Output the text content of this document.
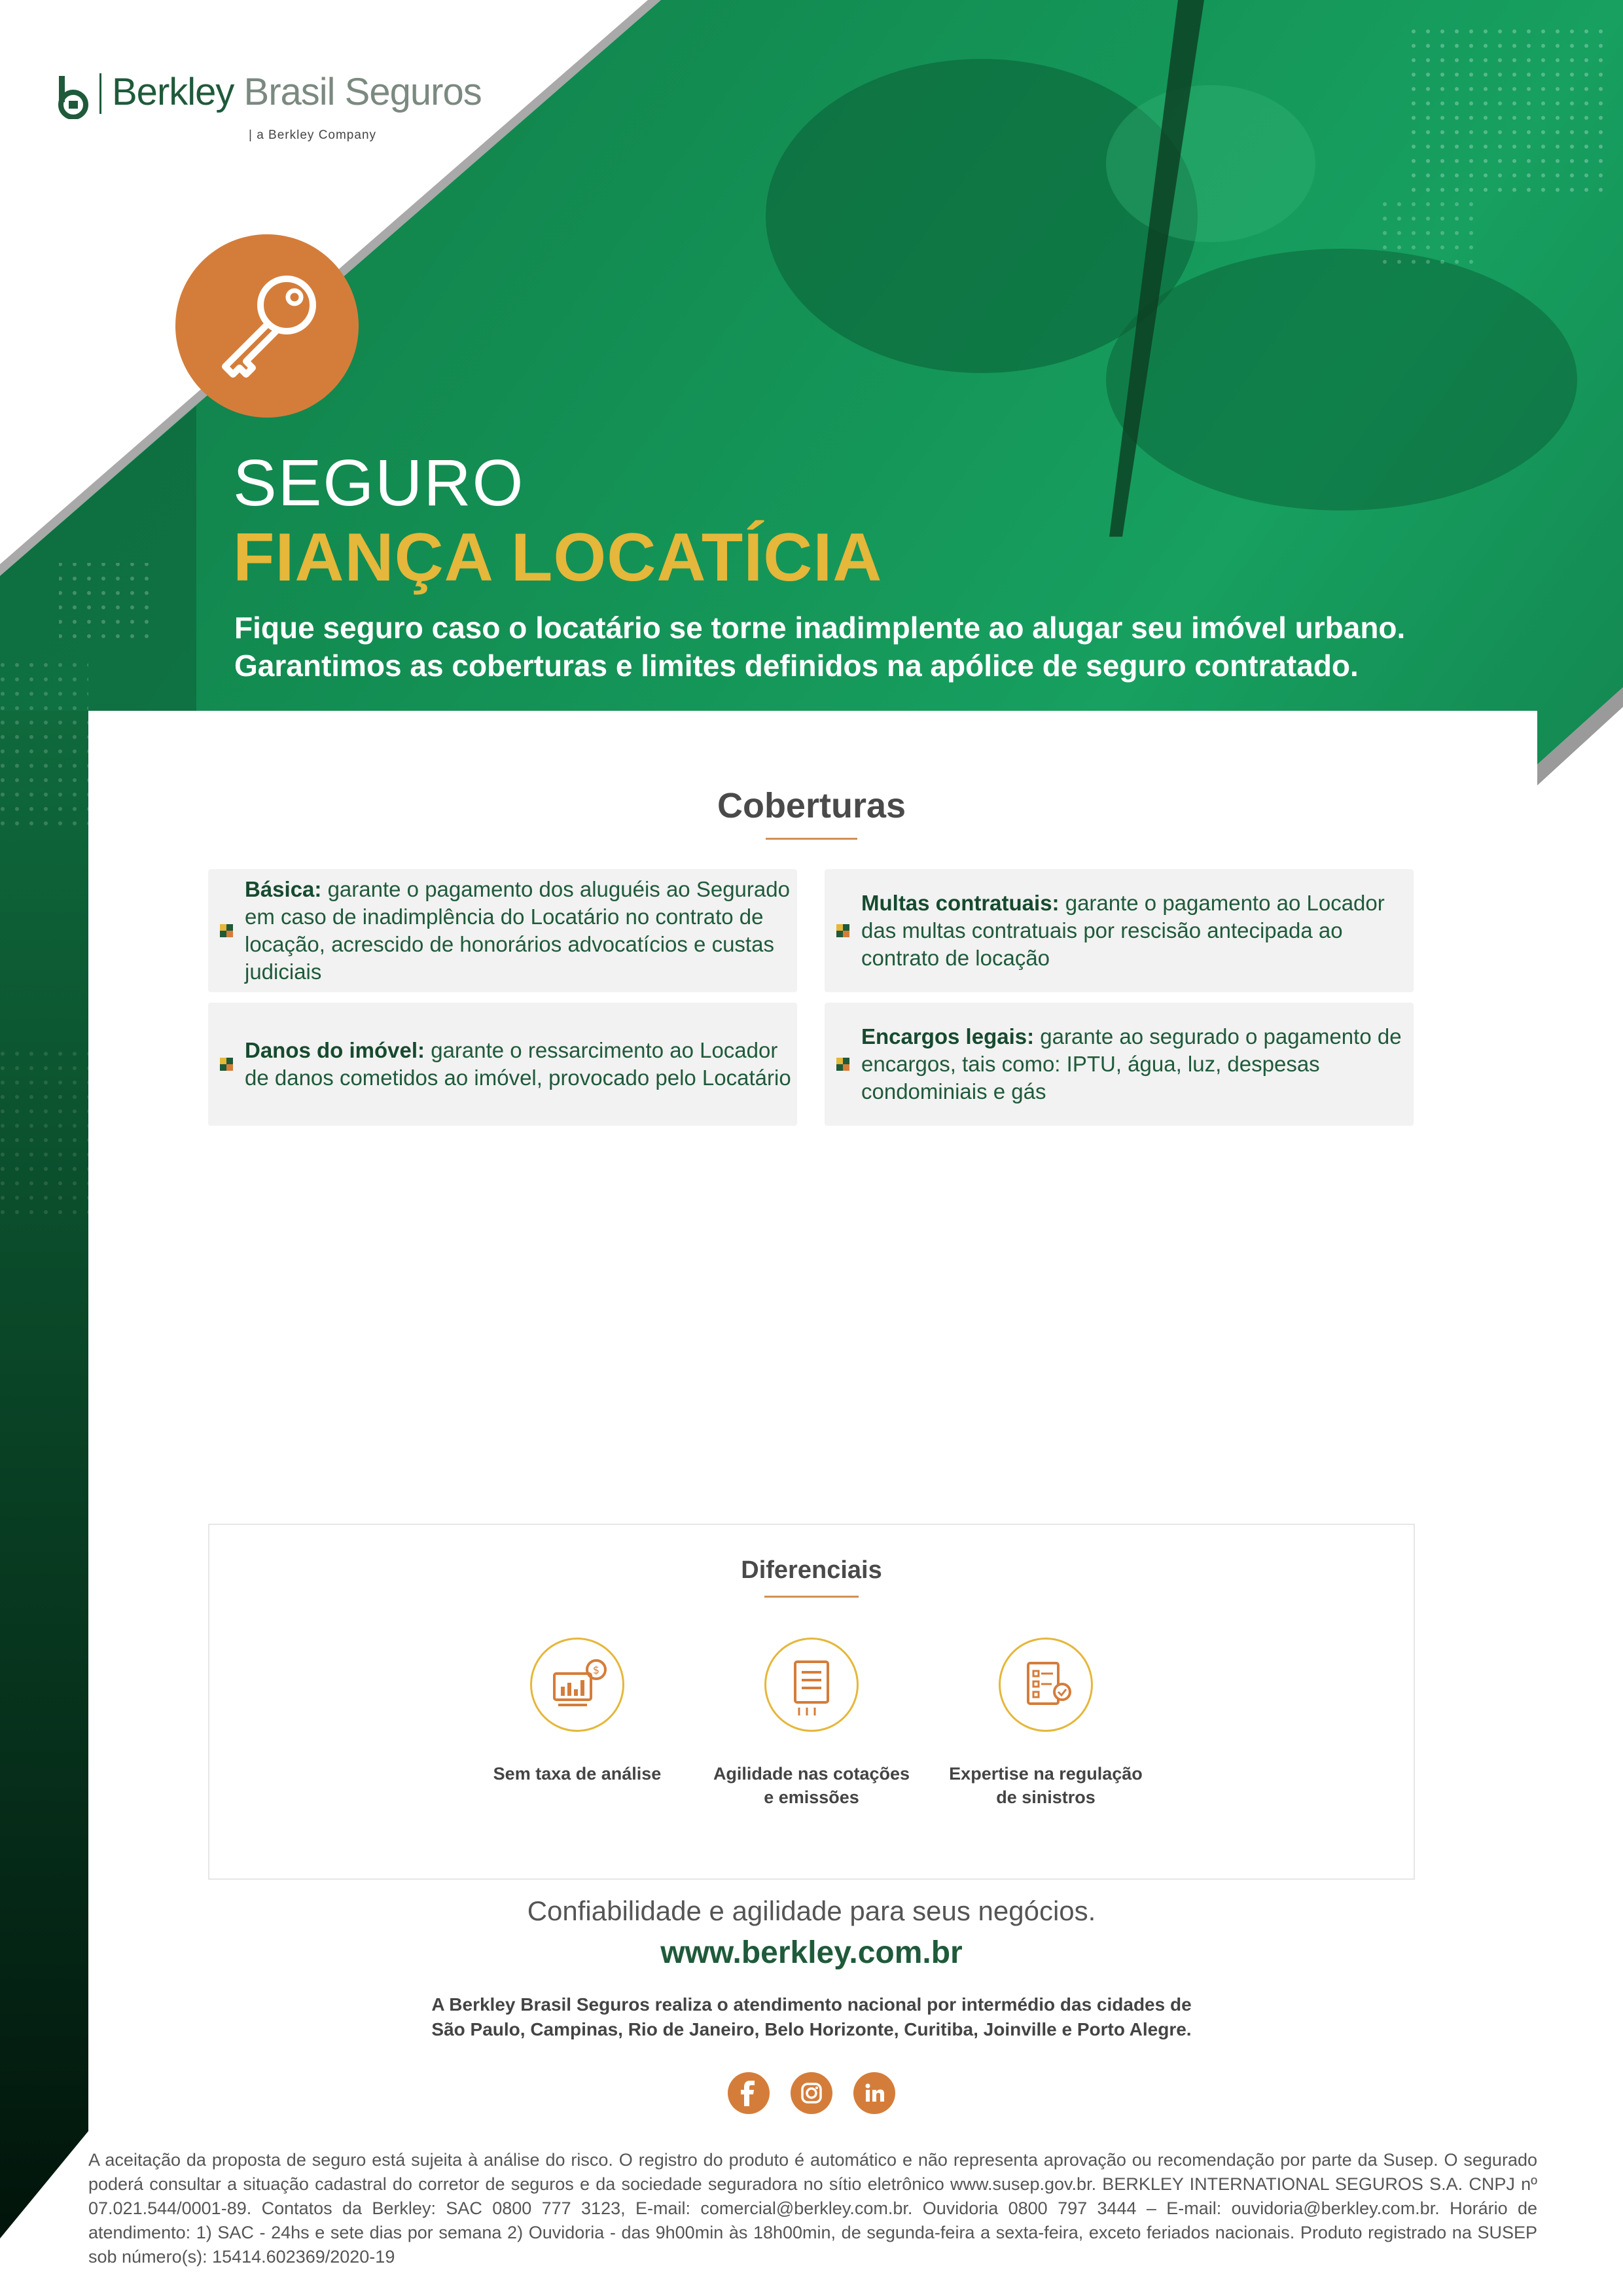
Berkley Brasil Seguros
| a Berkley Company
SEGURO
FIANÇA LOCATÍCIA
Fique seguro caso o locatário se torne inadimplente ao alugar seu imóvel urbano.
Garantimos as coberturas e limites definidos na apólice de seguro contratado.
Coberturas
Básica: garante o pagamento dos aluguéis ao Segurado em caso de inadimplência do Locatário no contrato de locação, acrescido de honorários advocatícios e custas judiciais
Multas contratuais: garante o pagamento ao Locador das multas contratuais por rescisão antecipada ao contrato de locação
Danos do imóvel: garante o ressarcimento ao Locador de danos cometidos ao imóvel, provocado pelo Locatário
Encargos legais: garante ao segurado o pagamento de encargos, tais como: IPTU, água, luz, despesas condominiais e gás
Diferenciais
$
Sem taxa de análise	Agilidade nas cotações
e emissões
Expertise na regulação
de sinistros
Confiabilidade e agilidade para seus negócios.
www.berkley.com.br
A Berkley Brasil Seguros realiza o atendimento nacional por intermédio das cidades de
São Paulo, Campinas, Rio de Janeiro, Belo Horizonte, Curitiba, Joinville e Porto Alegre.
A aceitação da proposta de seguro está sujeita à análise do risco. O registro do produto é automático e não representa aprovação ou recomendação por parte da Susep. O segurado poderá consultar a situação cadastral do corretor de seguros e da sociedade seguradora no sítio eletrônico www.susep.gov.br. BERKLEY INTERNATIONAL SEGUROS S.A. CNPJ nº 07.021.544/0001-89. Contatos da Berkley: SAC 0800 777 3123, E-mail: comercial@berkley.com.br. Ouvidoria 0800 797 3444 – E-mail: ouvidoria@berkley.com.br. Horário de atendimento: 1) SAC - 24hs e sete dias por semana 2) Ouvidoria - das 9h00min às 18h00min, de segunda-feira a sexta-feira, exceto feriados nacionais. Produto registrado na SUSEP sob número(s): 15414.602369/2020-19
